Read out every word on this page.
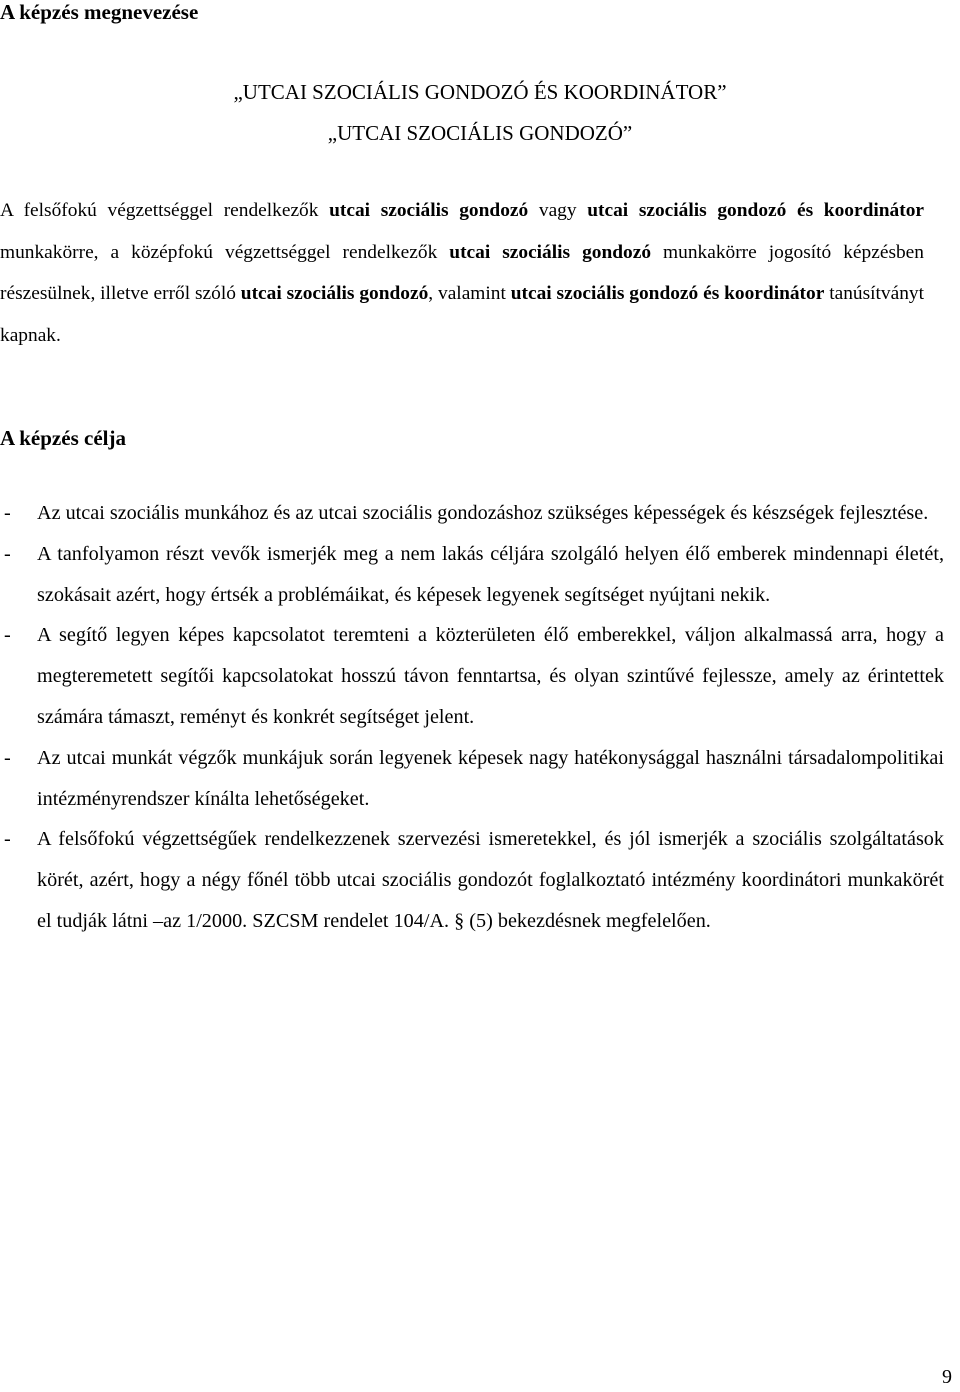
A képzés megnevezése
„UTCAI SZOCIÁLIS GONDOZÓ ÉS KOORDINÁTOR”
„UTCAI SZOCIÁLIS GONDOZÓ”

A felsőfokú végzettséggel rendelkezők utcai szociális gondozó vagy utcai szociális gondozó és koordinátor munkakörre, a középfokú végzettséggel rendelkezők utcai szociális gondozó munkakörre jogosító képzésben részesülnek, illetve erről szóló utcai szociális gondozó, valamint utcai szociális gondozó és koordinátor tanúsítványt kapnak.

A képzés célja
- Az utcai szociális munkához és az utcai szociális gondozáshoz szükséges képességek és készségek fejlesztése.
- A tanfolyamon részt vevők ismerjék meg a nem lakás céljára szolgáló helyen élő emberek mindennapi életét, szokásait azért, hogy értsék a problémáikat, és képesek legyenek segítséget nyújtani nekik.
- A segítő legyen képes kapcsolatot teremteni a közterületen élő emberekkel, váljon alkalmassá arra, hogy a megteremetett segítői kapcsolatokat hosszú távon fenntartsa, és olyan szintűvé fejlessze, amely az érintettek számára támaszt, reményt és konkrét segítséget jelent.
- Az utcai munkát végzők munkájuk során legyenek képesek nagy hatékonysággal használni társadalompolitikai intézményrendszer kínálta lehetőségeket.
- A felsőfokú végzettségűek rendelkezzenek szervezési ismeretekkel, és jól ismerjék a szociális szolgáltatások körét, azért, hogy a négy főnél több utcai szociális gondozót foglalkoztató intézmény koordinátori munkakörét el tudják látni –az 1/2000. SZCSM rendelet 104/A. § (5) bekezdésnek megfelelően.
9
